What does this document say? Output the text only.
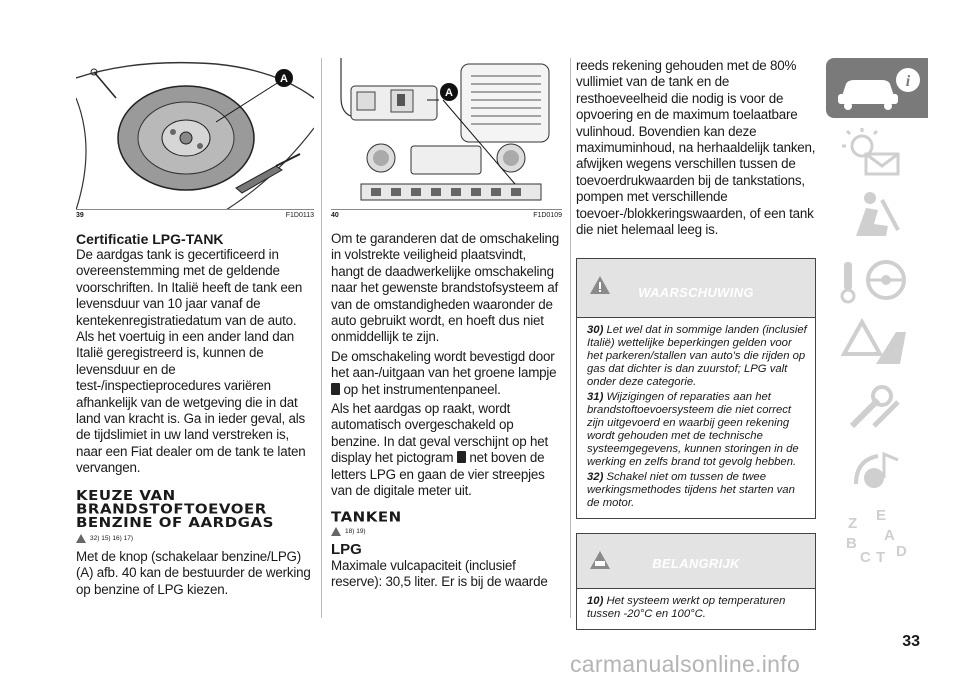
A
39	F1D0113
Certificatie LPG-TANK

De aardgas tank is gecertificeerd in overeenstemming met de geldende voorschriften. In Italië heeft de tank een levensduur van 10 jaar vanaf de kentekenregistratiedatum van de auto. Als het voertuig in een ander land dan Italië geregistreerd is, kunnen de levensduur en de test-/inspectieprocedures variëren afhankelijk van de wetgeving die in dat land van kracht is. Ga in ieder geval, als de tijdslimiet in uw land verstreken is, naar een Fiat dealer om de tank te laten vervangen.

KEUZE VAN BRANDSTOFTOEVOER BENZINE OF AARDGAS
32) 15) 16) 17)

Met de knop (schakelaar benzine/LPG) (A) afb. 40 kan de bestuurder de werking op benzine of LPG kiezen.

A
40	F1D0109

Om te garanderen dat de omschakeling in volstrekte veiligheid plaatsvindt, hangt de daadwerkelijke omschakeling naar het gewenste brandstofsysteem af van de omstandigheden waaronder de auto gebruikt wordt, en hoeft dus niet onmiddellijk te zijn.

De omschakeling wordt bevestigd door het aan-/uitgaan van het groene lampje  op het instrumentenpaneel.

Als het aardgas op raakt, wordt automatisch overgeschakeld op benzine. In dat geval verschijnt op het display het pictogram  net boven de letters LPG en gaan de vier streepjes van de digitale meter uit.

TANKEN
18) 19)
LPG

Maximale vulcapaciteit (inclusief reserve): 30,5 liter. Er is bij de waarde

reeds rekening gehouden met de 80% vullimiet van de tank en de resthoeveelheid die nodig is voor de opvoering en de maximum toelaatbare vulinhoud. Bovendien kan deze maximuminhoud, na herhaaldelijk tanken, afwijken wegens verschillen tussen de toevoerdrukwaarden bij de tankstations, pompen met verschillende toevoer-/blokkeringswaarden, of een tank die niet helemaal leeg is.

WAARSCHUWING

30) Let wel dat in sommige landen (inclusief Italië) wettelijke beperkingen gelden voor het parkeren/stallen van auto's die rijden op gas dat dichter is dan zuurstof; LPG valt onder deze categorie.

31) Wijzigingen of reparaties aan het brandstoftoevoersysteem die niet correct zijn uitgevoerd en waarbij geen rekening wordt gehouden met de technische systeemgegevens, kunnen storingen in de werking en zelfs brand tot gevolg hebben.

32) Schakel niet om tussen de twee werkingsmethodes tijdens het starten van de motor.

BELANGRIJK

10) Het systeem werkt op temperaturen tussen -20°C en 100°C.

i
Z E
B A
C D
T
33
carmanualsonline.info
